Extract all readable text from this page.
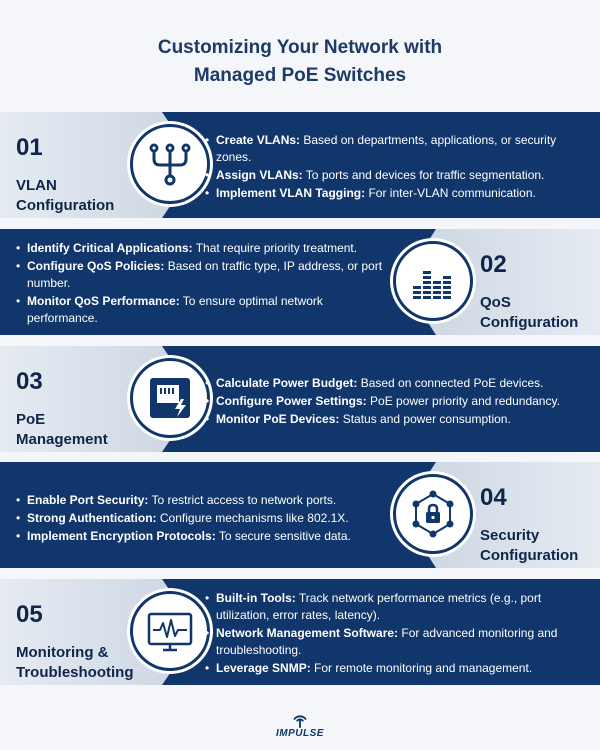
Customizing Your Network with
Managed PoE Switches
01
VLAN
Configuration
• Create VLANs: Based on departments, applications, or security zones.
• Assign VLANs: To ports and devices for traffic segmentation.
• Implement VLAN Tagging: For inter-VLAN communication.
• Identify Critical Applications: That require priority treatment.
• Configure QoS Policies: Based on traffic type, IP address, or port number.
• Monitor QoS Performance: To ensure optimal network performance.
02
QoS
Configuration
03
PoE
Management
• Calculate Power Budget: Based on connected PoE devices.
• Configure Power Settings: PoE power priority and redundancy.
• Monitor PoE Devices: Status and power consumption.
• Enable Port Security: To restrict access to network ports.
• Strong Authentication: Configure mechanisms like 802.1X.
• Implement Encryption Protocols: To secure sensitive data.
04
Security
Configuration
05
Monitoring &
Troubleshooting
• Built-in Tools: Track network performance metrics (e.g., port utilization, error rates, latency).
• Network Management Software: For advanced monitoring and troubleshooting.
• Leverage SNMP: For remote monitoring and management.
IMPULSE
